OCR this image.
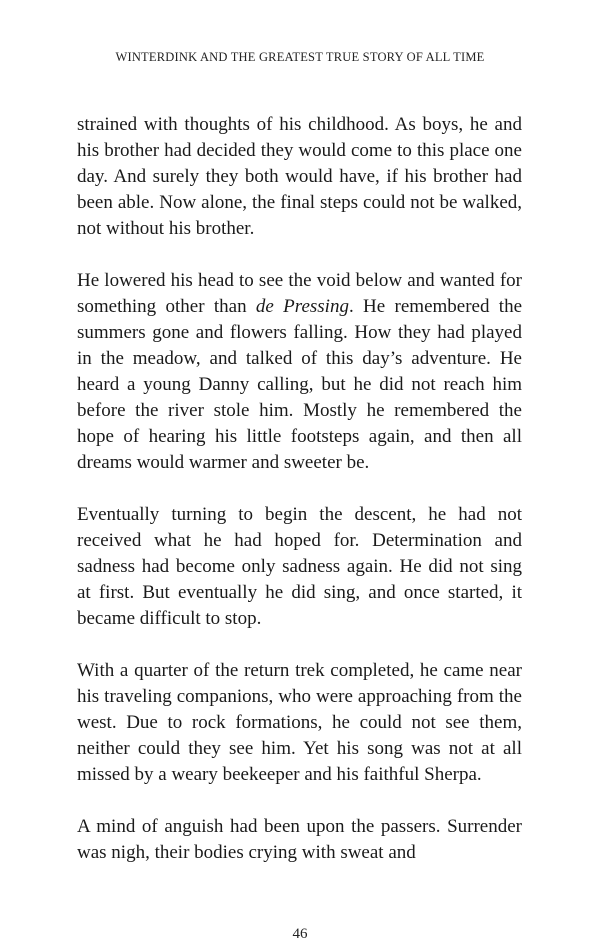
WINTERDINK AND THE GREATEST TRUE STORY OF ALL TIME

strained with thoughts of his childhood. As boys, he and his brother had decided they would come to this place one day. And surely they both would have, if his brother had been able. Now alone, the final steps could not be walked, not without his brother.

He lowered his head to see the void below and wanted for something other than de Pressing. He remembered the summers gone and flowers falling. How they had played in the meadow, and talked of this day’s adventure. He heard a young Danny calling, but he did not reach him before the river stole him. Mostly he remembered the hope of hearing his little footsteps again, and then all dreams would warmer and sweeter be.

Eventually turning to begin the descent, he had not received what he had hoped for. Determination and sadness had become only sadness again. He did not sing at first. But eventually he did sing, and once started, it became difficult to stop.

With a quarter of the return trek completed, he came near his traveling companions, who were approaching from the west. Due to rock formations, he could not see them, neither could they see him. Yet his song was not at all missed by a weary beekeeper and his faithful Sherpa.

A mind of anguish had been upon the passers. Surrender was nigh, their bodies crying with sweat and

46
